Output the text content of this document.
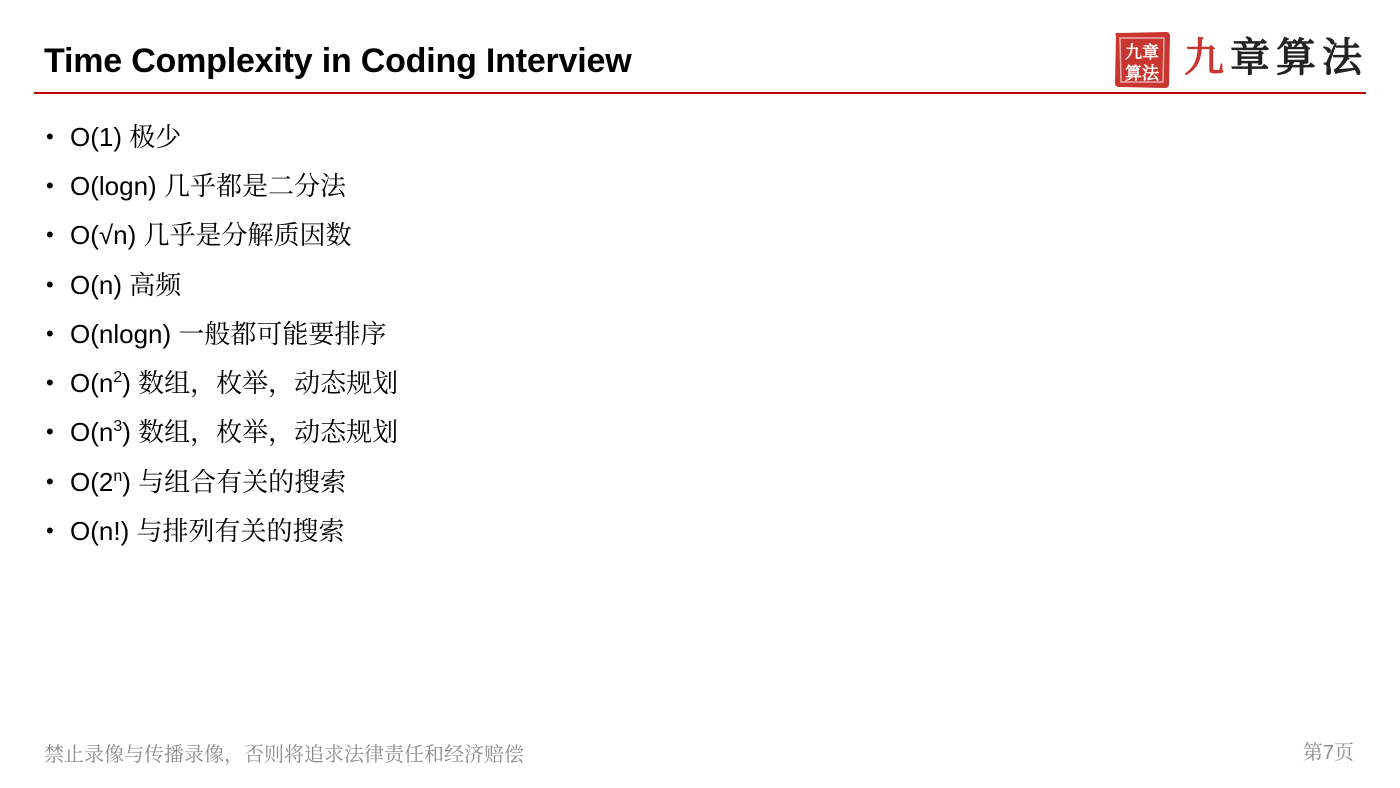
Time Complexity in Coding Interview	九章
算法 九章算法
• O(1)
极少
• O(logn)
几乎都是二分法
• O(√n)
几乎是分解质因数
• O(n)
高频
• O(nlogn)
一般都可能要排序
• $O(n^2)$
数组，枚举，动态规划
• $O(n^3)$
数组，枚举，动态规划
• O(2$^n$)
与组合有关的搜索
• O(n!)
与排列有关的搜索
禁止录像与传播录像，否则将追求法律责任和经济赔偿	第7页
